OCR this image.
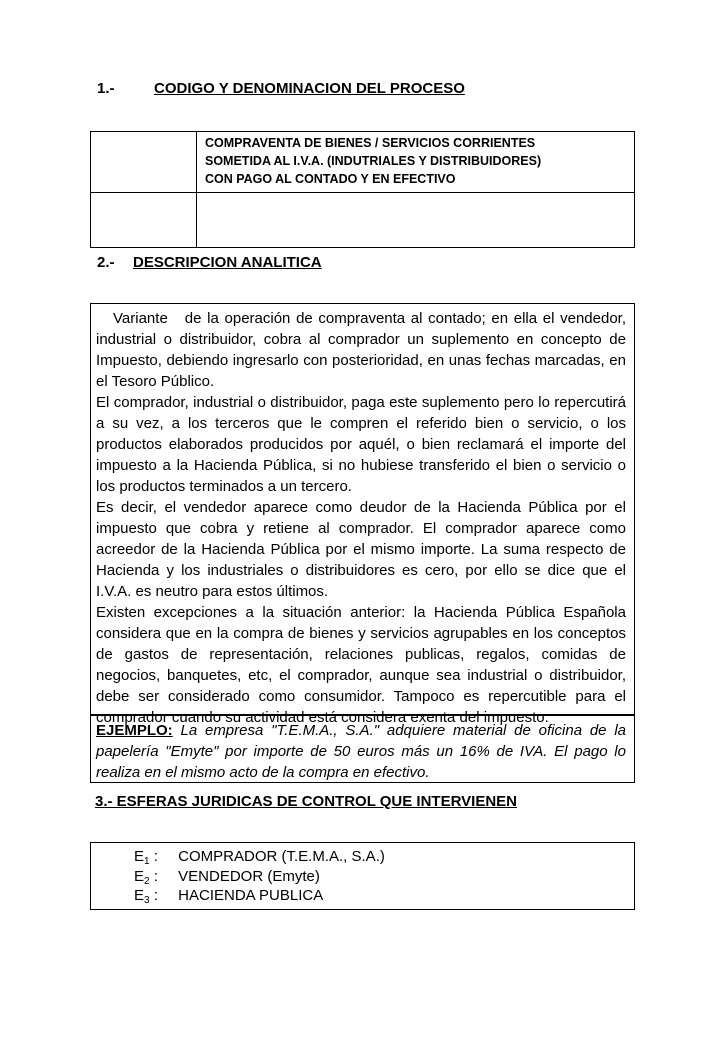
1.-	CODIGO Y DENOMINACION DEL PROCESO
COMPRAVENTA DE BIENES / SERVICIOS CORRIENTES
SOMETIDA AL I.V.A. (INDUTRIALES Y DISTRIBUIDORES)
CON PAGO AL CONTADO Y EN EFECTIVO
2.- DESCRIPCION ANALITICA

Variante   de la operación de compraventa al contado; en ella el vendedor, industrial o distribuidor, cobra al comprador un suplemento en concepto de Impuesto, debiendo ingresarlo con posterioridad, en unas fechas marcadas, en el Tesoro Público.

El comprador, industrial o distribuidor, paga este suplemento pero lo repercutirá a su vez, a los terceros que le compren el referido bien o servicio, o los productos elaborados producidos por aquél, o bien reclamará el importe del impuesto a la Hacienda Pública, si no hubiese transferido el bien o servicio o los productos terminados a un tercero.

Es decir, el vendedor aparece como deudor de la Hacienda Pública por el impuesto que cobra y retiene al comprador. El comprador aparece como acreedor de la Hacienda Pública por el mismo importe. La suma respecto de Hacienda y los industriales o distribuidores es cero, por ello se dice que el I.V.A. es neutro para estos últimos.

Existen excepciones a la situación anterior: la Hacienda Pública Española considera que en la compra de bienes y servicios agrupables en los conceptos de gastos de representación, relaciones publicas, regalos, comidas de negocios, banquetes, etc, el comprador, aunque sea industrial o distribuidor, debe ser considerado como consumidor. Tampoco es repercutible para el comprador cuando su actividad está considera exenta del impuesto.

EJEMPLO: La empresa "T.E.M.A., S.A." adquiere material de oficina de la papelería "Emyte" por importe de 50 euros más un 16% de IVA. El pago lo realiza en el mismo acto de la compra en efectivo.

3.- ESFERAS JURIDICAS DE CONTROL QUE INTERVIENEN
$E_1$ : COMPRADOR (T.E.M.A., S.A.)
$E_2$ : VENDEDOR (Emyte)
$E_3$ : HACIENDA PUBLICA
